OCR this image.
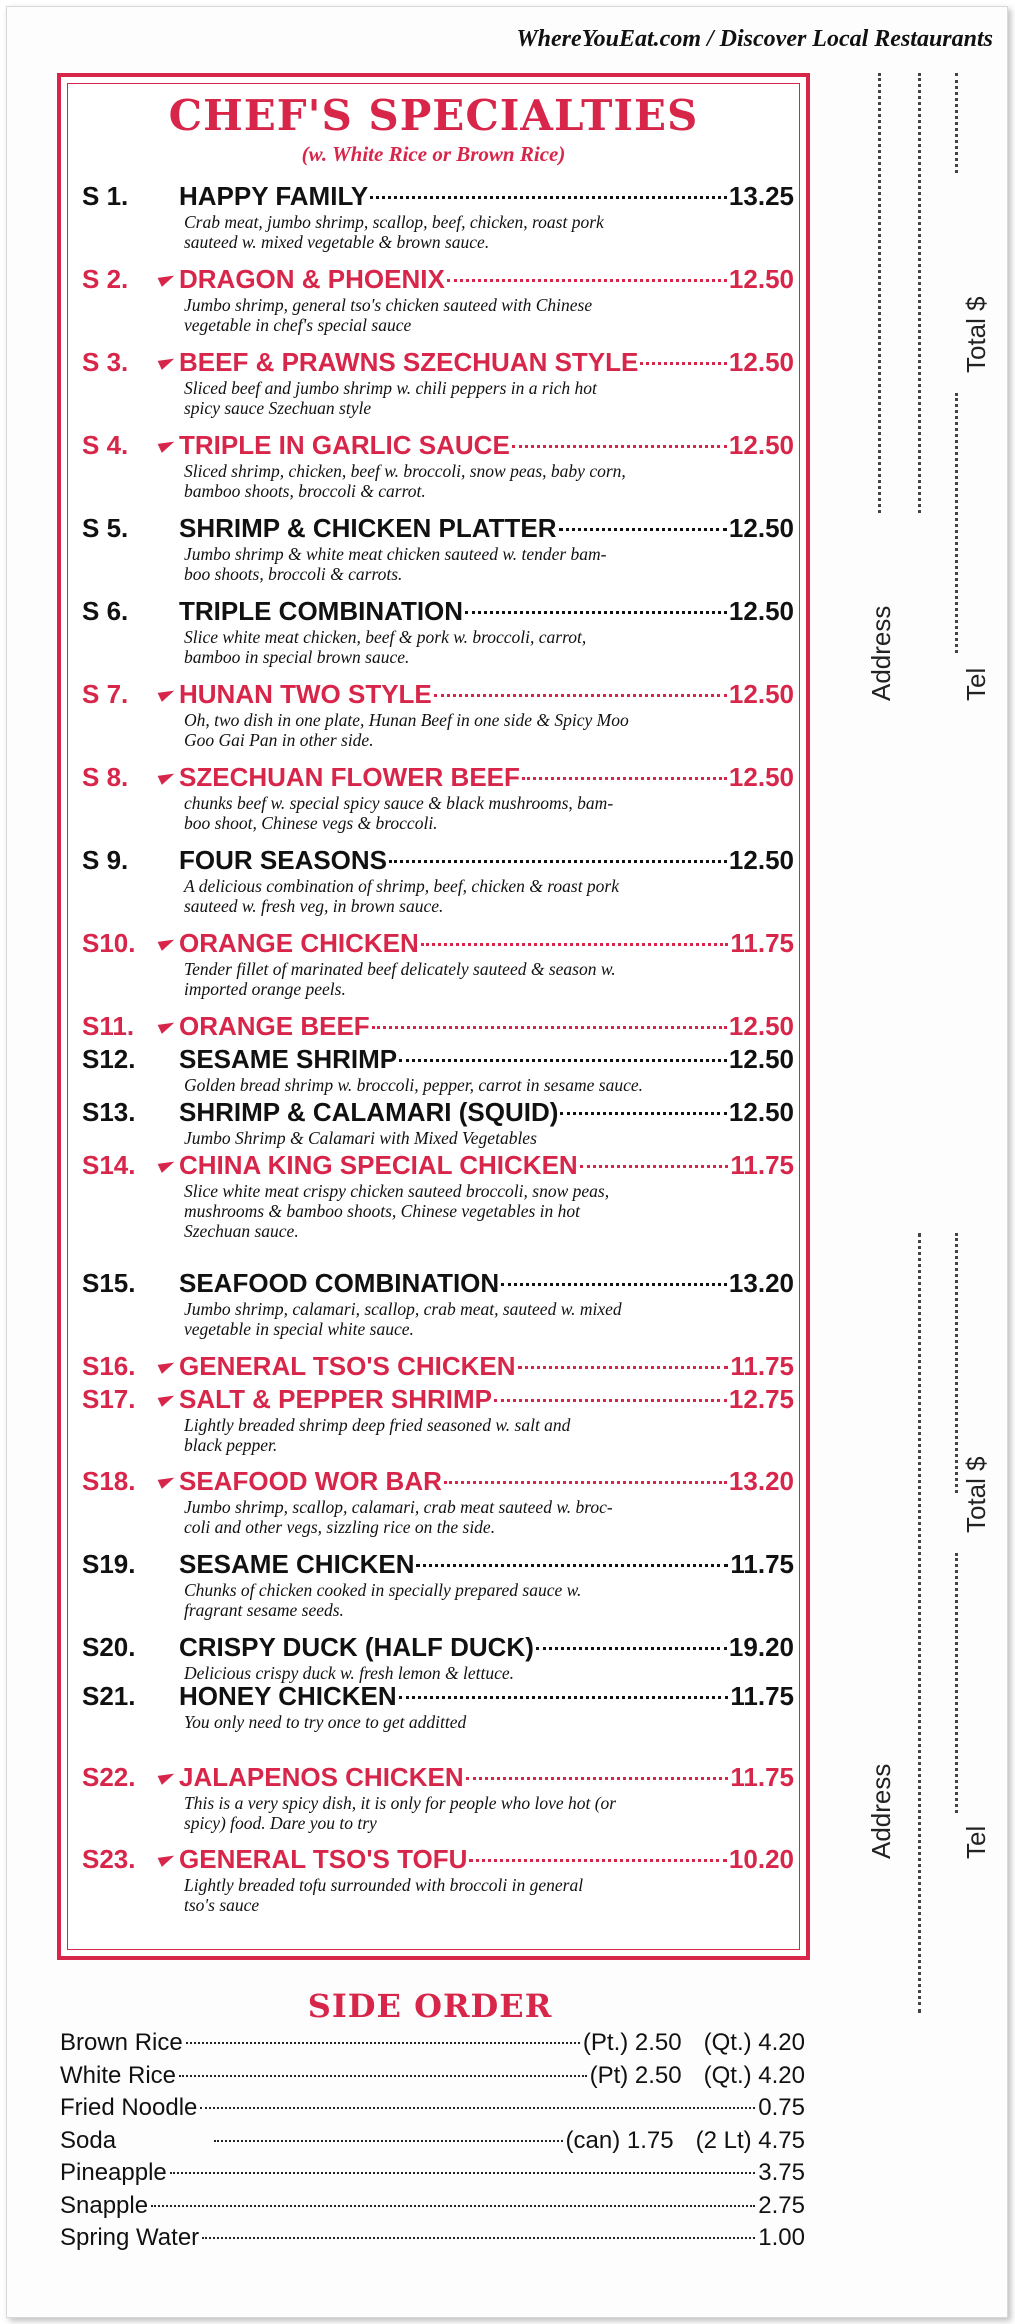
WhereYouEat.com / Discover Local Restaurants
CHEF'S SPECIALTIES
(w. White Rice or Brown Rice)
S 1.	HAPPY FAMILY	13.25
Crab meat, jumbo shrimp, scallop, beef, chicken, roast pork
sauteed w. mixed vegetable & brown sauce.
S 2.	DRAGON & PHOENIX	12.50
Jumbo shrimp, general tso's chicken sauteed with Chinese
vegetable in chef's special sauce
S 3.	BEEF & PRAWNS SZECHUAN STYLE	12.50
Sliced beef and jumbo shrimp w. chili peppers in a rich hot
spicy sauce Szechuan style
S 4.	TRIPLE IN GARLIC SAUCE	12.50
Sliced shrimp, chicken, beef w. broccoli, snow peas, baby corn,
bamboo shoots, broccoli & carrot.
S 5.	SHRIMP & CHICKEN PLATTER	12.50
Jumbo shrimp & white meat chicken sauteed w. tender bam-
boo shoots, broccoli & carrots.
S 6.	TRIPLE COMBINATION	12.50
Slice white meat chicken, beef & pork w. broccoli, carrot,
bamboo in special brown sauce.
S 7.	HUNAN TWO STYLE	12.50
Oh, two dish in one plate, Hunan Beef in one side & Spicy Moo
Goo Gai Pan in other side.
S 8.	SZECHUAN FLOWER BEEF	12.50
chunks beef w. special spicy sauce & black mushrooms, bam-
boo shoot, Chinese vegs & broccoli.
S 9.	FOUR SEASONS	12.50
A delicious combination of shrimp, beef, chicken & roast pork
sauteed w. fresh veg, in brown sauce.
S10.	ORANGE CHICKEN	11.75
Tender fillet of marinated beef delicately sauteed & season w.
imported orange peels.
S11.	ORANGE BEEF	12.50
S12.	SESAME SHRIMP	12.50
Golden bread shrimp w. broccoli, pepper, carrot in sesame sauce.
S13.	SHRIMP & CALAMARI (SQUID)	12.50
Jumbo Shrimp & Calamari with Mixed Vegetables
S14.	CHINA KING SPECIAL CHICKEN	11.75
Slice white meat crispy chicken sauteed broccoli, snow peas,
mushrooms & bamboo shoots, Chinese vegetables in hot
Szechuan sauce.
S15.	SEAFOOD COMBINATION	13.20
Jumbo shrimp, calamari, scallop, crab meat, sauteed w. mixed
vegetable in special white sauce.
S16.	GENERAL TSO'S CHICKEN	11.75
S17.	SALT & PEPPER SHRIMP	12.75
Lightly breaded shrimp deep fried seasoned w. salt and
black pepper.
S18.	SEAFOOD WOR BAR	13.20
Jumbo shrimp, scallop, calamari, crab meat sauteed w. broc-
coli and other vegs, sizzling rice on the side.
S19.	SESAME CHICKEN	11.75
Chunks of chicken cooked in specially prepared sauce w.
fragrant sesame seeds.
S20.	CRISPY DUCK (HALF DUCK)	19.20
Delicious crispy duck w. fresh lemon & lettuce.
S21.	HONEY CHICKEN	11.75
You only need to try once to get additted
S22.	JALAPENOS CHICKEN	11.75
This is a very spicy dish, it is only for people who love hot (or
spicy) food. Dare you to try
S23.	GENERAL TSO'S TOFU	10.20
Lightly breaded tofu surrounded with broccoli in general
tso's sauce
Address
Total $
Tel
Address
Total $
Tel
SIDE ORDER
Brown Rice	(Pt.) 2.50 (Qt.) 4.20
White Rice	(Pt) 2.50 (Qt.) 4.20
Fried Noodle	0.75
Soda	(can) 1.75 (2 Lt) 4.75
Pineapple	3.75
Snapple	2.75
Spring Water	1.00
